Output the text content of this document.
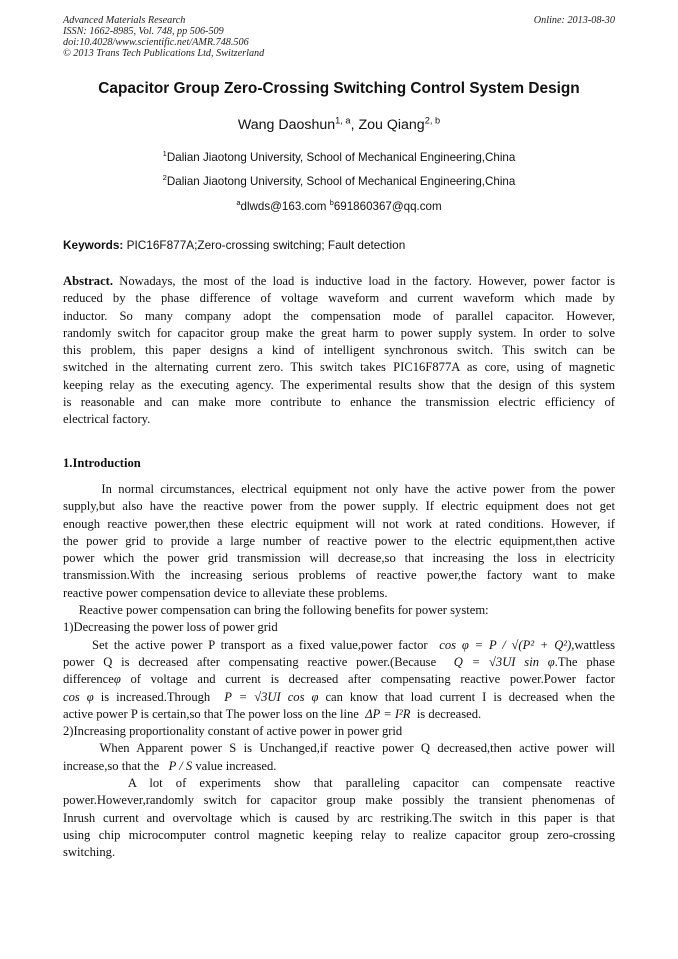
Advanced Materials Research
ISSN: 1662-8985, Vol. 748, pp 506-509
doi:10.4028/www.scientific.net/AMR.748.506
© 2013 Trans Tech Publications Ltd, Switzerland
Online: 2013-08-30
Capacitor Group Zero-Crossing Switching Control System Design
Wang Daoshun$^{1, a}$, Zou Qiang$^{2, b}$
$^1$Dalian Jiaotong University, School of Mechanical Engineering,China
$^2$Dalian Jiaotong University, School of Mechanical Engineering,China
$^a$dlwds@163.com $^b$691860367@qq.com
Keywords: PIC16F877A;Zero-crossing switching; Fault detection
Abstract. Nowadays, the most of the load is inductive load in the factory. However, power factor is
reduced by the phase difference of voltage waveform and current waveform which made by
inductor. So many company adopt the compensation mode of parallel capacitor. However,
randomly switch for capacitor group make the great harm to power supply system. In order to solve
this problem, this paper designs a kind of intelligent synchronous switch. This switch can be
switched in the alternating current zero. This switch takes PIC16F877A as core, using of magnetic
keeping relay as the executing agency. The experimental results show that the design of this system
is reasonable and can make more contribute to enhance the transmission electric efficiency of
electrical factory.
1.Introduction
In normal circumstances, electrical equipment not only have the active power from the power
supply,but also have the reactive power from the power supply. If electric equipment does not get
enough reactive power,then these electric equipment will not work at rated conditions. However, if
the power grid to provide a large number of reactive power to the electric equipment,then active
power which the power grid transmission will decrease,so that increasing the loss in electricity
transmission.With the increasing serious problems of reactive power,the factory want to make
reactive power compensation device to alleviate these problems.
Reactive power compensation can bring the following benefits for power system:
1)Decreasing the power loss of power grid
Set the active power P transport as a fixed value,power factor cos φ = P / √(P² + Q²),wattless
power Q is decreased after compensating reactive power.(Because Q = √3UI sin φ.The phase
differenceφ of voltage and current is decreased after compensating reactive power.Power factor
cos φ is increased.Through P = √3UI cos φ can know that load current I is decreased when the
active power P is certain,so that The power loss on the line ΔP = I²R  is decreased.
2)Increasing proportionality constant of active power in power grid
When Apparent power S is Unchanged,if reactive power Q decreased,then active power will
increase,so that the P / S value increased.
A lot of experiments show that paralleling capacitor can compensate reactive
power.However,randomly switch for capacitor group make possibly the transient phenomenas of
Inrush current and overvoltage which is caused by arc restriking.The switch in this paper is that
using chip microcomputer control magnetic keeping relay to realize capacitor group zero-crossing
switching.
